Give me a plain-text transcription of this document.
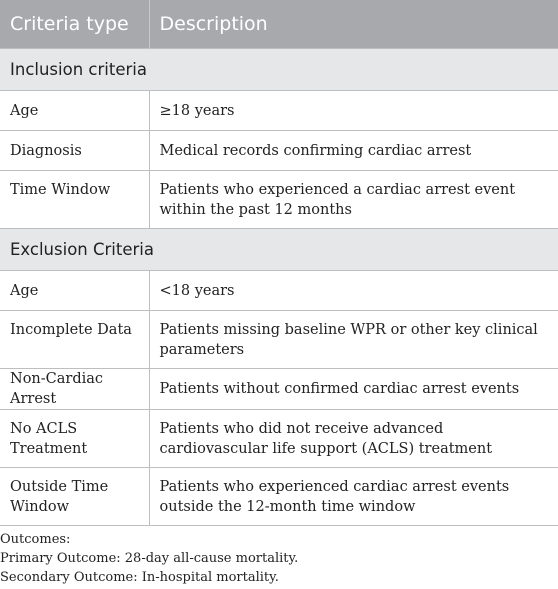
Criteria type	Description
Inclusion criteria	
Age	≥18 years
Diagnosis	Medical records confirming cardiac arrest
Time Window	Patients who experienced a cardiac arrest event within the past 12 months
Exclusion Criteria	
Age	<18 years
Incomplete Data	Patients missing baseline WPR or other key clinical parameters
Non-Cardiac Arrest	Patients without confirmed cardiac arrest events
No ACLS Treatment	Patients who did not receive advanced cardiovascular life support (ACLS) treatment
Outside Time Window	Patients who experienced cardiac arrest events outside the 12-month time window
Outcomes:
Primary Outcome: 28-day all-cause mortality.
Secondary Outcome: In-hospital mortality.
